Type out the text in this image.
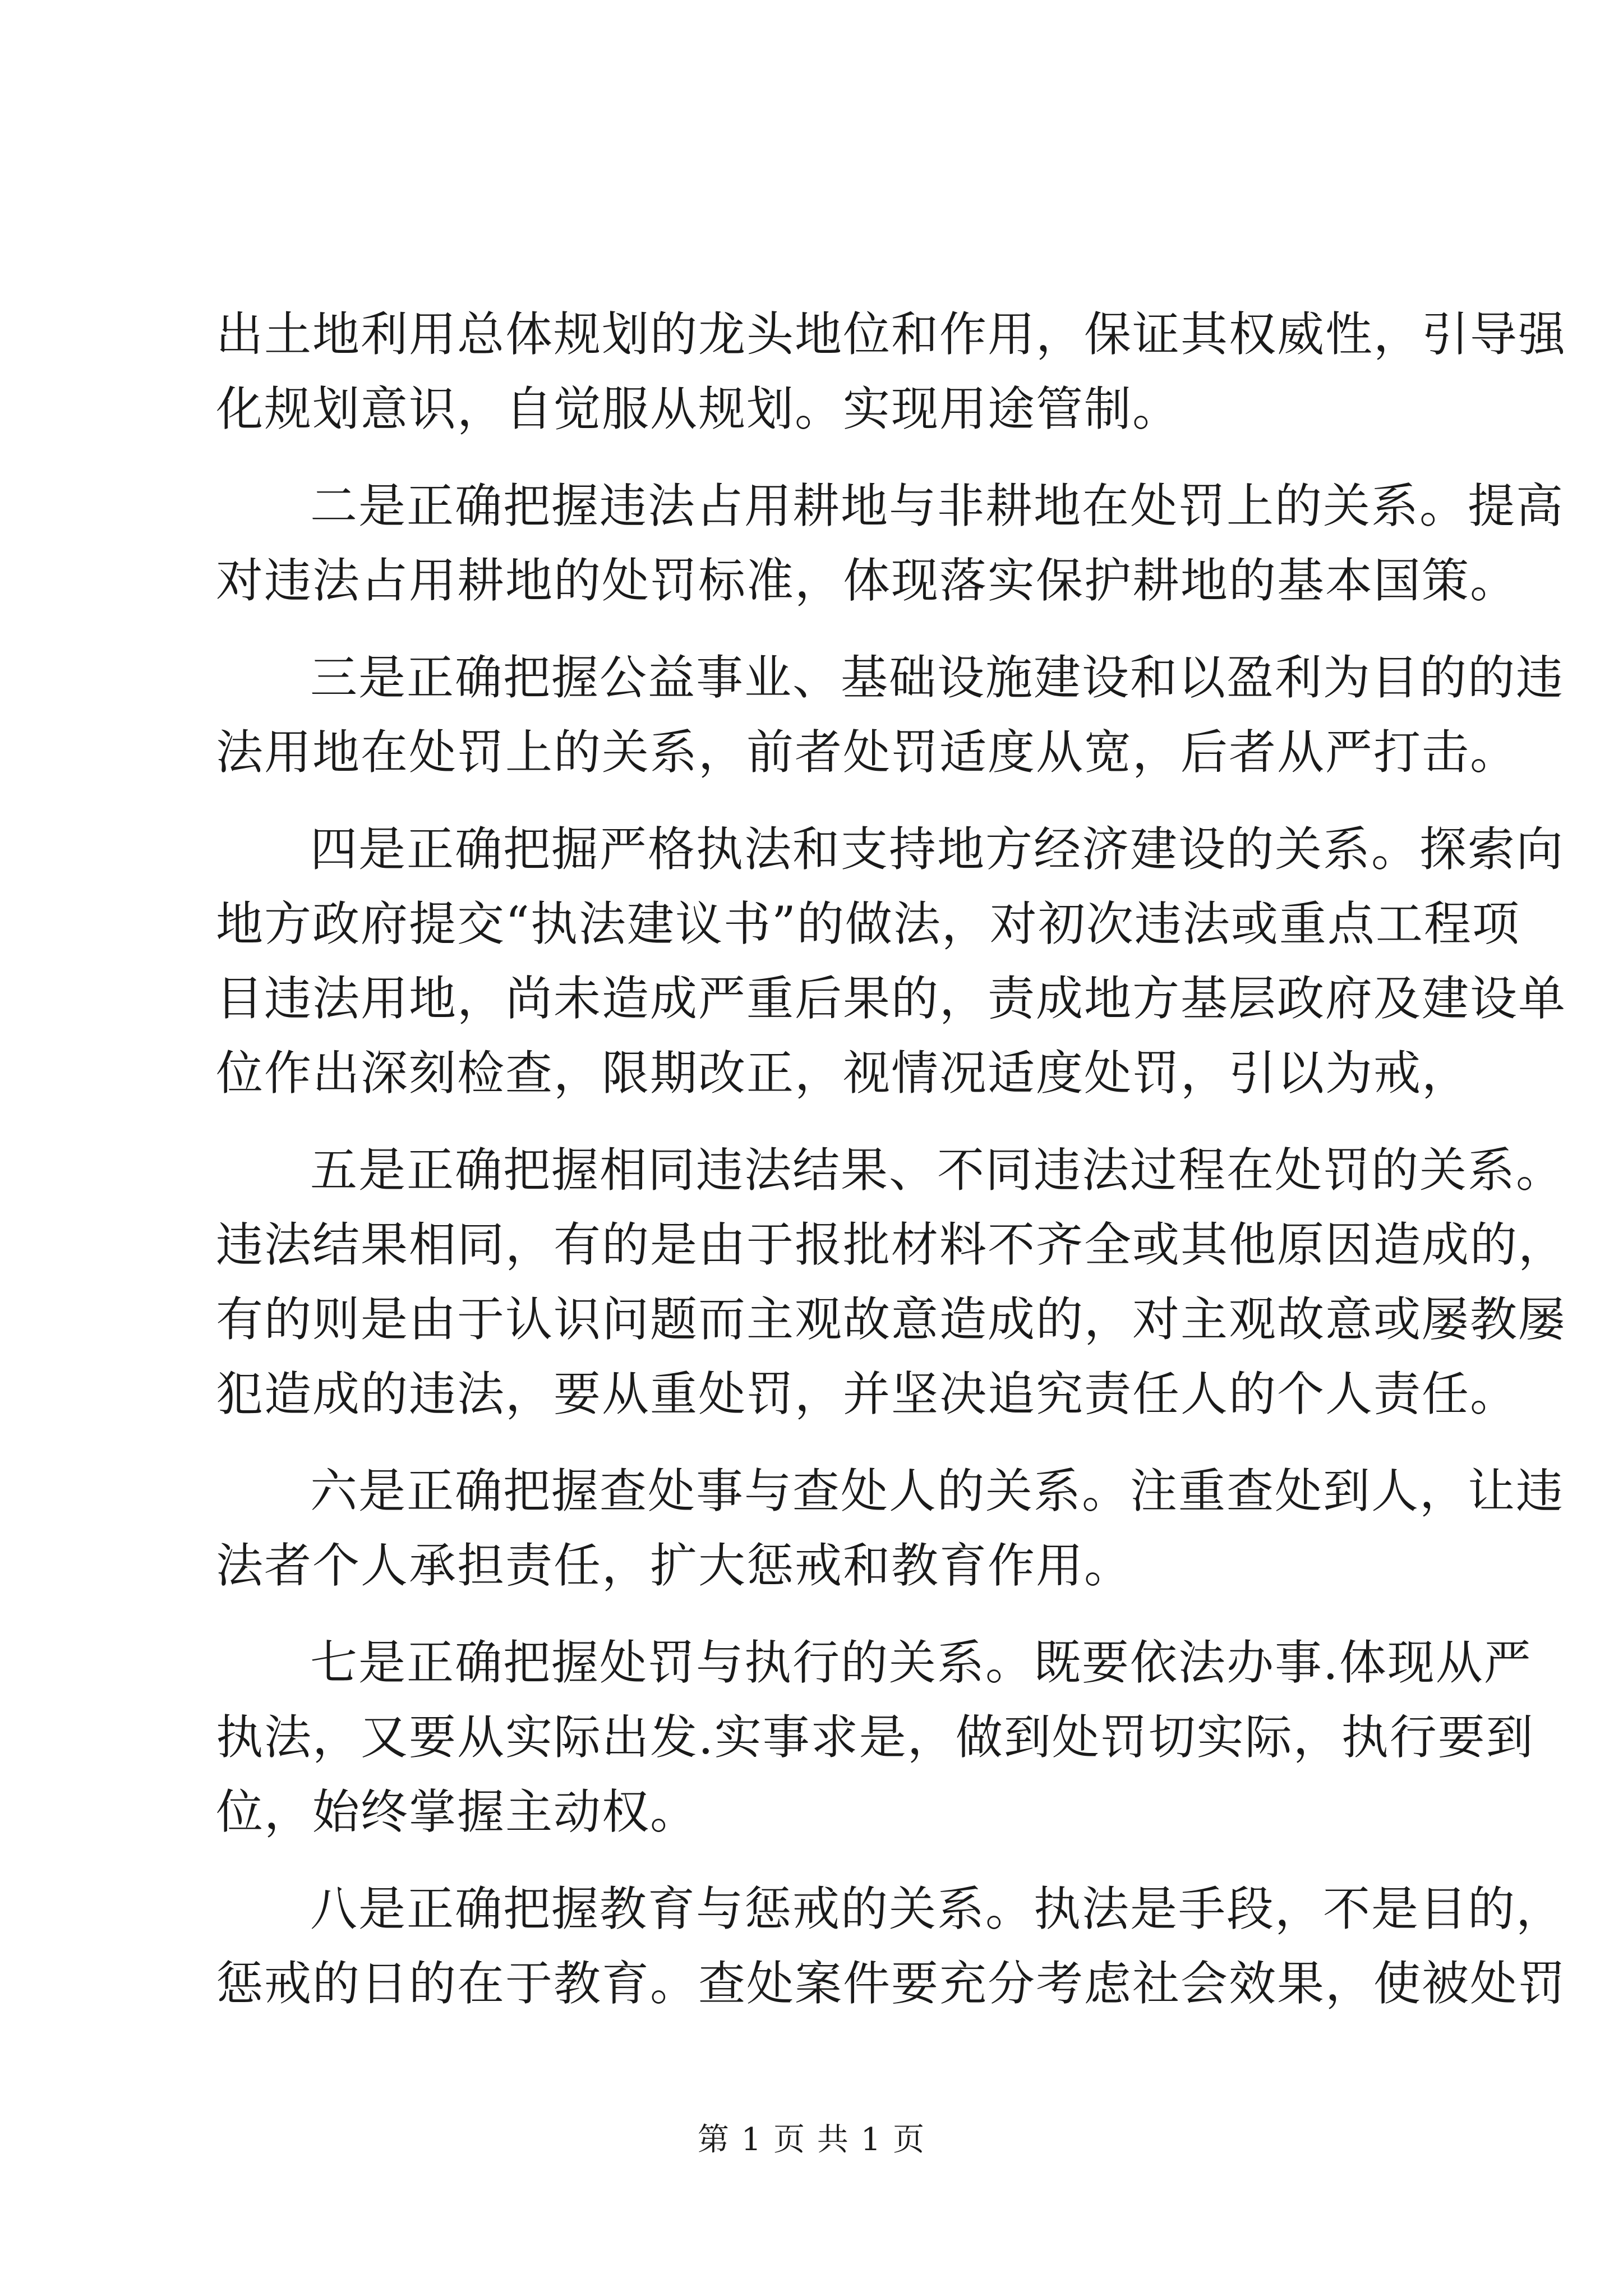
出土地利用总体规划的龙头地位和作用，保证其权威性，引导强
化规划意识，自觉服从规划。实现用途管制。
二是正确把握违法占用耕地与非耕地在处罚上的关系。提高
对违法占用耕地的处罚标准，体现落实保护耕地的基本国策。
三是正确把握公益事业、基础设施建设和以盈利为目的的违
法用地在处罚上的关系，前者处罚适度从宽，后者从严打击。
四是正确把掘严格执法和支持地方经济建设的关系。探索向
地方政府提交“执法建议书”的做法，对初次违法或重点工程项
目违法用地，尚未造成严重后果的，责成地方基层政府及建设单
位作出深刻检查，限期改正，视情况适度处罚，引以为戒，
五是正确把握相同违法结果、不同违法过程在处罚的关系。
违法结果相同，有的是由于报批材料不齐全或其他原因造成的，
有的则是由于认识问题而主观故意造成的，对主观故意或屡教屡
犯造成的违法，要从重处罚，并坚决追究责任人的个人责任。
六是正确把握查处事与查处人的关系。注重查处到人，让违
法者个人承担责任，扩大惩戒和教育作用。
七是正确把握处罚与执行的关系。既要依法办事.体现从严
执法，又要从实际出发.实事求是，做到处罚切实际，执行要到
位，始终掌握主动权。
八是正确把握教育与惩戒的关系。执法是手段，不是目的，
惩戒的日的在于教育。查处案件要充分考虑社会效果，使被处罚
第 1 页 共 1 页
